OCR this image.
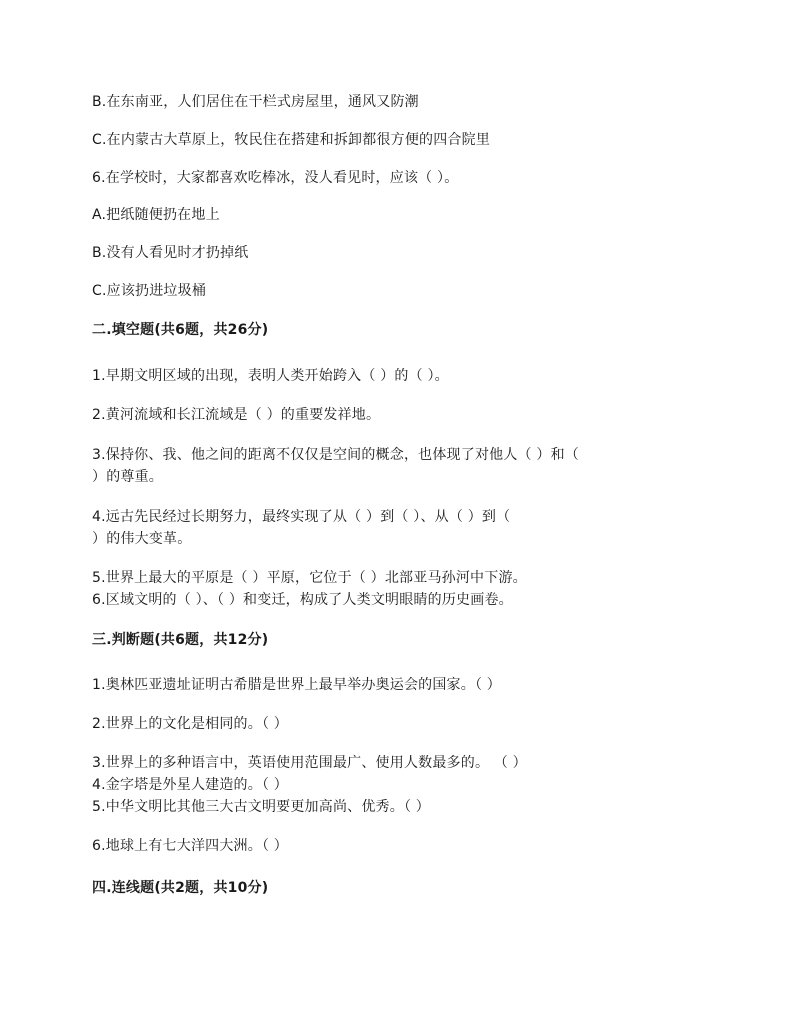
B.在东南亚，人们居住在干栏式房屋里，通风又防潮
C.在内蒙古大草原上，牧民住在搭建和拆卸都很方便的四合院里
6.在学校时，大家都喜欢吃棒冰，没人看见时，应该（ ）。
A.把纸随便扔在地上
B.没有人看见时才扔掉纸
C.应该扔进垃圾桶
二.填空题(共6题，共26分)
1.早期文明区域的出现，表明人类开始跨入（ ）的（ ）。
2.黄河流域和长江流域是（ ）的重要发祥地。
3.保持你、我、他之间的距离不仅仅是空间的概念，也体现了对他人（ ）和（
）的尊重。
4.远古先民经过长期努力，最终实现了从（ ）到（ ）、从（ ）到（
）的伟大变革。
5.世界上最大的平原是（ ）平原，它位于（ ）北部亚马孙河中下游。
6.区域文明的（ ）、（ ）和变迁，构成了人类文明眼睛的历史画卷。
三.判断题(共6题，共12分)
1.奥林匹亚遗址证明古希腊是世界上最早举办奥运会的国家。（ ）
2.世界上的文化是相同的。（ ）
3.世界上的多种语言中，英语使用范围最广、使用人数最多的。 （ ）
4.金字塔是外星人建造的。（ ）
5.中华文明比其他三大古文明要更加高尚、优秀。（ ）
6.地球上有七大洋四大洲。（ ）
四.连线题(共2题，共10分)
